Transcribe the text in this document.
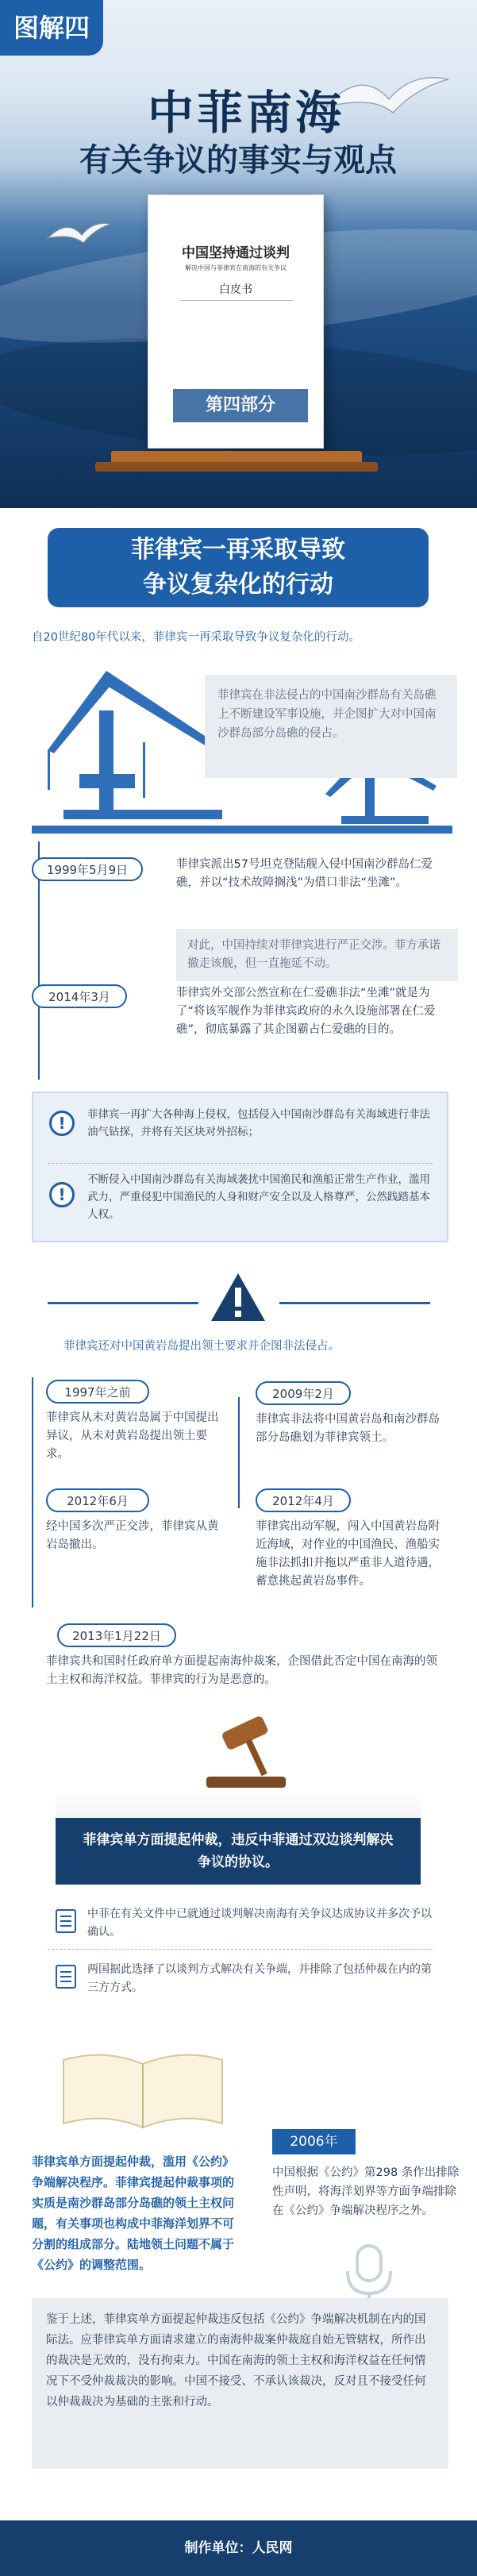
图解四
中菲南海
有关争议的事实与观点
中国坚持通过谈判
解决中国与菲律宾在南海的有关争议
白皮书
第四部分
菲律宾一再采取导致
争议复杂化的行动
自20世纪80年代以来，菲律宾一再采取导致争议复杂化的行动。
菲律宾在非法侵占的中国南沙群岛有关岛礁上不断建设军事设施，并企图扩大对中国南沙群岛部分岛礁的侵占。
1999年5月9日	菲律宾派出57号坦克登陆舰入侵中国南沙群岛仁爱礁，并以“技术故障搁浅”为借口非法“坐滩”。
对此，中国持续对菲律宾进行严正交涉。菲方承诺撤走该舰，但一直拖延不动。
2014年3月	菲律宾外交部公然宣称在仁爱礁非法“坐滩”就是为了“将该军舰作为菲律宾政府的永久设施部署在仁爱礁”，彻底暴露了其企图霸占仁爱礁的目的。
!	菲律宾一再扩大各种海上侵权，包括侵入中国南沙群岛有关海域进行非法油气钻探，并将有关区块对外招标；
!
不断侵入中国南沙群岛有关海域袭扰中国渔民和渔船正常生产作业，滥用武力，严重侵犯中国渔民的人身和财产安全以及人格尊严，公然践踏基本人权。
菲律宾还对中国黄岩岛提出领土要求并企图非法侵占。
1997年之前
菲律宾从未对黄岩岛属于中国提出异议，从未对黄岩岛提出领土要求。
2009年2月
菲律宾非法将中国黄岩岛和南沙群岛部分岛礁划为菲律宾领土。
2012年6月
经中国多次严正交涉，菲律宾从黄岩岛撤出。
2012年4月
菲律宾出动军舰，闯入中国黄岩岛附近海域，对作业的中国渔民、渔船实施非法抓扣并拖以严重非人道待遇，蓄意挑起黄岩岛事件。
2013年1月22日
菲律宾共和国时任政府单方面提起南海仲裁案，企图借此否定中国在南海的领土主权和海洋权益。菲律宾的行为是恶意的。
菲律宾单方面提起仲裁，违反中菲通过双边谈判解决争议的协议。
中菲在有关文件中已就通过谈判解决南海有关争议达成协议并多次予以确认。
两国据此选择了以谈判方式解决有关争端，并排除了包括仲裁在内的第三方方式。
菲律宾单方面提起仲裁，滥用《公约》争端解决程序。菲律宾提起仲裁事项的实质是南沙群岛部分岛礁的领土主权问题，有关事项也构成中菲海洋划界不可分割的组成部分。陆地领土问题不属于《公约》的调整范围。
2006年
中国根据《公约》第298 条作出排除性声明，将海洋划界等方面争端排除在《公约》争端解决程序之外。
鉴于上述，菲律宾单方面提起仲裁违反包括《公约》争端解决机制在内的国际法。应菲律宾单方面请求建立的南海仲裁案仲裁庭自始无管辖权，所作出的裁决是无效的，没有拘束力。中国在南海的领土主权和海洋权益在任何情况下不受仲裁裁决的影响。中国不接受、不承认该裁决，反对且不接受任何以仲裁裁决为基础的主张和行动。
制作单位：人民网
